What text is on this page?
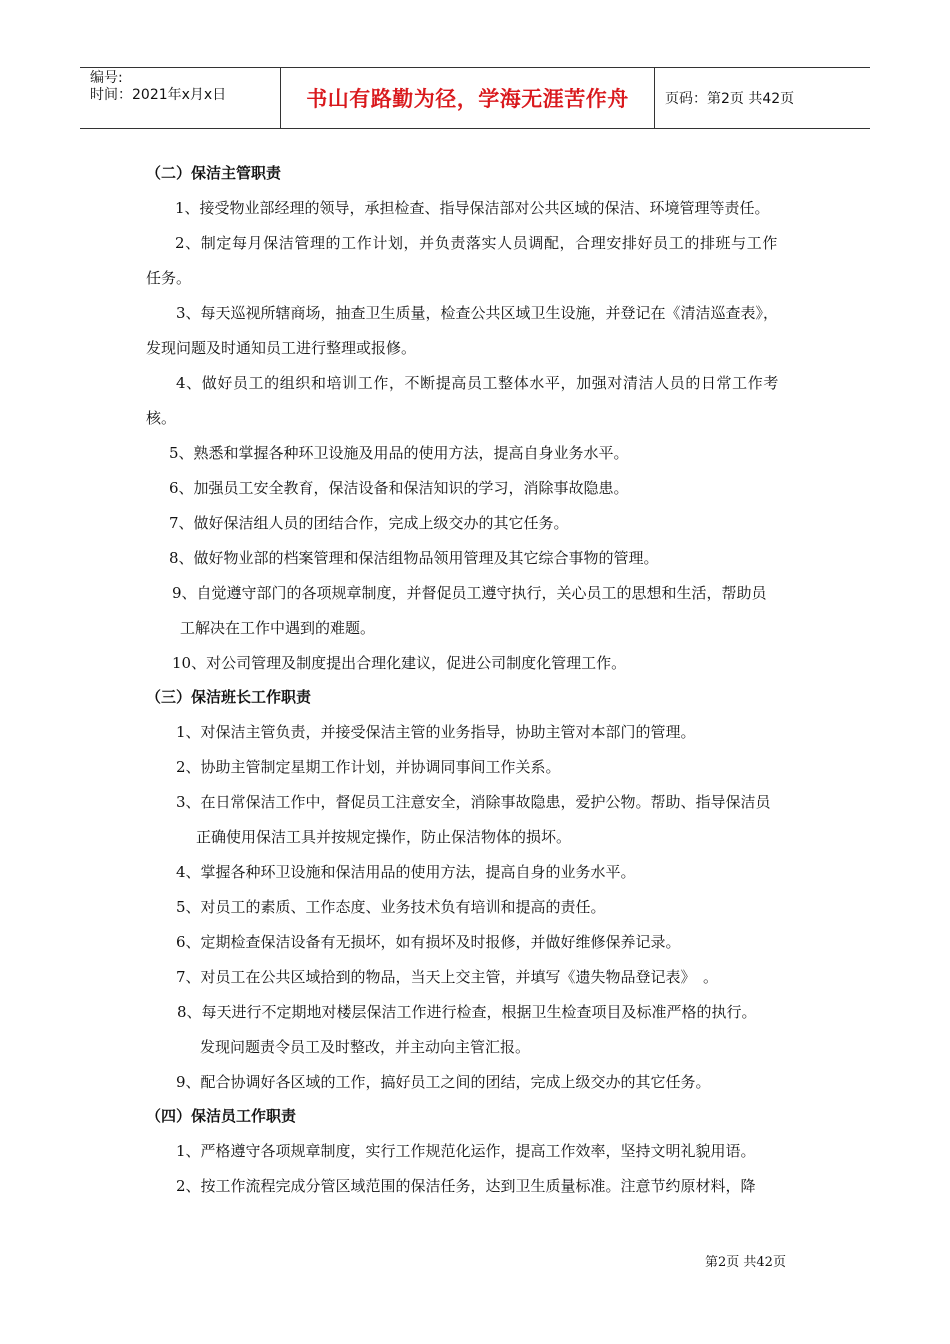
编号:
时间：2021年x月x日	书山有路勤为径，学海无涯苦作舟	页码：第2页 共42页
（二）保洁主管职责
1、接受物业部经理的领导，承担检查、指导保洁部对公共区域的保洁、环境管理等责任。
2、制定每月保洁管理的工作计划，并负责落实人员调配，合理安排好员工的排班与工作
任务。
3、每天巡视所辖商场，抽查卫生质量，检查公共区域卫生设施，并登记在《清洁巡查表》，
发现问题及时通知员工进行整理或报修。
4、做好员工的组织和培训工作，不断提高员工整体水平，加强对清洁人员的日常工作考
核。
5、熟悉和掌握各种环卫设施及用品的使用方法，提高自身业务水平。
6、加强员工安全教育，保洁设备和保洁知识的学习，消除事故隐患。
7、做好保洁组人员的团结合作，完成上级交办的其它任务。
8、做好物业部的档案管理和保洁组物品领用管理及其它综合事物的管理。
9、自觉遵守部门的各项规章制度，并督促员工遵守执行，关心员工的思想和生活，帮助员
工解决在工作中遇到的难题。
10、对公司管理及制度提出合理化建议，促进公司制度化管理工作。
（三）保洁班长工作职责
1、对保洁主管负责，并接受保洁主管的业务指导，协助主管对本部门的管理。
2、协助主管制定星期工作计划，并协调同事间工作关系。
3、在日常保洁工作中，督促员工注意安全，消除事故隐患，爱护公物。帮助、指导保洁员
正确使用保洁工具并按规定操作，防止保洁物体的损坏。
4、掌握各种环卫设施和保洁用品的使用方法，提高自身的业务水平。
5、对员工的素质、工作态度、业务技术负有培训和提高的责任。
6、定期检查保洁设备有无损坏，如有损坏及时报修，并做好维修保养记录。
7、对员工在公共区域拾到的物品，当天上交主管，并填写《遗失物品登记表》　。
8、每天进行不定期地对楼层保洁工作进行检查，根据卫生检查项目及标准严格的执行。
发现问题责令员工及时整改，并主动向主管汇报。
9、配合协调好各区域的工作，搞好员工之间的团结，完成上级交办的其它任务。
（四）保洁员工作职责
1、严格遵守各项规章制度，实行工作规范化运作，提高工作效率，坚持文明礼貌用语。
2、按工作流程完成分管区域范围的保洁任务，达到卫生质量标准。注意节约原材料，降
第2页 共42页
